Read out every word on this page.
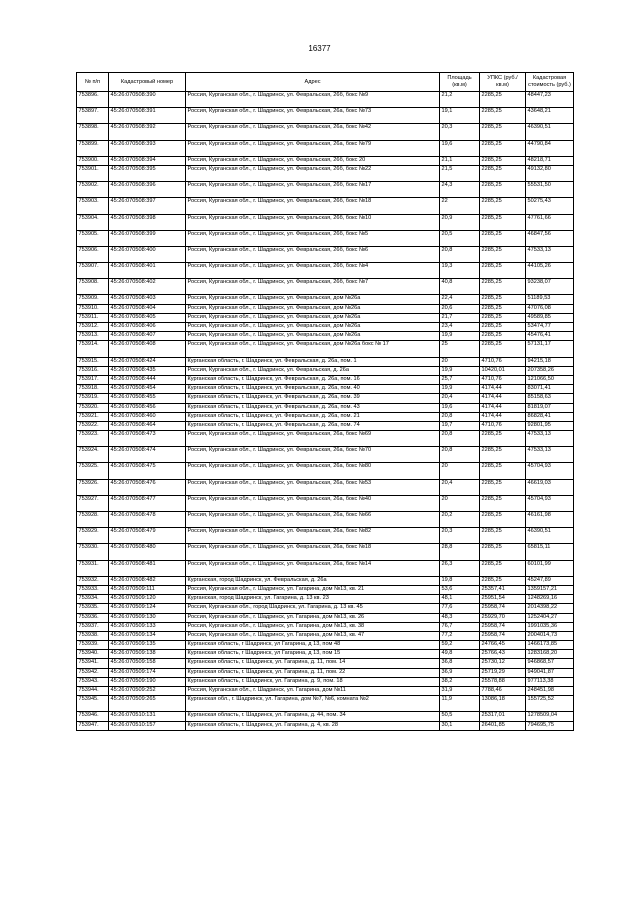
16377
№ п/п	Кадастровый номер	Адрес	Площадь (кв.м)	УПКС (руб./кв.м)	Кадастровая стоимость (руб.)
753896.	45:26:070508:390	Россия, Курганская обл., г. Шадринск, ул. Февральская, 26б, бокс №9	21,2	2285,25	48447,23
753897.	45:26:070508:391	Россия, Курганская обл., г. Шадринск, ул. Февральская, 26а, бокс №73	19,1	2285,25	43648,21
753898.	45:26:070508:392	Россия, Курганская обл., г. Шадринск, ул. Февральская, 26а, бокс №42	20,3	2285,25	46390,51
753899.	45:26:070508:393	Россия, Курганская обл., г. Шадринск, ул. Февральская, 26а, бокс №79	19,6	2285,25	44790,84
753900.	45:26:070508:394	Россия, Курганская обл., г. Шадринск, ул. Февральская, 26б, бокс 20	21,1	2285,25	48218,71
753901.	45:26:070508:395	Россия, Курганская обл., г. Шадринск, ул. Февральская, 26б, бокс №22	21,5	2285,25	49132,80
753902.	45:26:070508:396	Россия, Курганская обл., г. Шадринск, ул. Февральская, 26б, бокс №17	24,3	2285,25	55531,50
753903.	45:26:070508:397	Россия, Курганская обл., г. Шадринск, ул. Февральская, 26б, бокс №18	22	2285,25	50275,43
753904.	45:26:070508:398	Россия, Курганская обл., г. Шадринск, ул. Февральская, 26б, бокс №10	20,9	2285,25	47761,66
753905.	45:26:070508:399	Россия, Курганская обл., г. Шадринск, ул. Февральская, 26б, бокс №5	20,5	2285,25	46847,56
753906.	45:26:070508:400	Россия, Курганская обл., г. Шадринск, ул. Февральская, 26б, бокс №6	20,8	2285,25	47533,13
753907.	45:26:070508:401	Россия, Курганская обл., г. Шадринск, ул. Февральская, 26б, бокс №4	19,3	2285,25	44105,26
753908.	45:26:070508:402	Россия, Курганская обл., г. Шадринск, ул. Февральская, 26б, бокс №7	40,8	2285,25	93238,07
753909.	45:26:070508:403	Россия, Курганская обл., г. Шадринск, ул. Февральская, дом №26а	22,4	2285,25	51189,53
753910.	45:26:070508:404	Россия, Курганская обл., г. Шадринск, ул. Февральская, дом №26а	20,6	2285,25	47076,08
753911.	45:26:070508:405	Россия, Курганская обл., г. Шадринск, ул. Февральская, дом №26а	21,7	2285,25	49589,85
753912.	45:26:070508:406	Россия, Курганская обл., г. Шадринск, ул. Февральская, дом №26а	23,4	2285,25	53474,77
753913.	45:26:070508:407	Россия, Курганская обл., г. Шадринск, ул. Февральская, дом №26а	19,9	2285,25	45476,41
753914.	45:26:070508:408	Россия, Курганская обл., г. Шадринск, ул. Февральская, дом №26а бокс № 17	25	2285,25	57131,17
753915.	45:26:070508:424	Курганская область, г. Шадринск, ул. Февральская, д. 26а, пом. 1	20	4710,76	94215,18
753916.	45:26:070508:435	Россия, Курганская обл., г. Шадринск, ул. Февральская, д. 26а	19,9	10420,01	207358,26
753917.	45:26:070508:444	Курганская область, г. Шадринск, ул. Февральская, д. 26а, пом. 16	25,7	4710,76	121066,50
753918.	45:26:070508:454	Курганская область, г. Шадринск, ул. Февральская, д. 26а, пом. 40	19,9	4174,44	83071,41
753919.	45:26:070508:455	Курганская область, г. Шадринск, ул. Февральская, д. 26а, пом. 39	20,4	4174,44	85158,63
753920.	45:26:070508:456	Курганская область, г. Шадринск, ул. Февральская, д. 26а, пом. 43	19,6	4174,44	81819,07
753921.	45:26:070508:460	Курганская область, г. Шадринск, ул. Февральская, д. 26а, пом. 21	20,8	4174,44	86828,41
753922.	45:26:070508:464	Курганская область, г. Шадринск, ул. Февральская, д. 26а, пом. 74	19,7	4710,76	92801,95
753923.	45:26:070508:473	Россия, Курганская обл., г. Шадринск, ул. Февральская, 26а, бокс №69	20,8	2285,25	47533,13
753924.	45:26:070508:474	Россия, Курганская обл., г. Шадринск, ул. Февральская, 26а, бокс №70	20,8	2285,25	47533,13
753925.	45:26:070508:475	Россия, Курганская обл., г. Шадринск, ул. Февральская, 26а, бокс №80	20	2285,25	45704,93
753926.	45:26:070508:476	Россия, Курганская обл., г. Шадринск, ул. Февральская, 26а, бокс №53	20,4	2285,25	46619,03
753927.	45:26:070508:477	Россия, Курганская обл., г. Шадринск, ул. Февральская, 26а, бокс №40	20	2285,25	45704,93
753928.	45:26:070508:478	Россия, Курганская обл., г. Шадринск, ул. Февральская, 26а, бокс №66	20,2	2285,25	46161,98
753929.	45:26:070508:479	Россия, Курганская обл., г. Шадринск, ул. Февральская, 26а, бокс №82	20,3	2285,25	46390,51
753930.	45:26:070508:480	Россия, Курганская обл., г. Шадринск, ул. Февральская, 26а, бокс №18	28,8	2285,25	65815,11
753931.	45:26:070508:481	Россия, Курганская обл., г. Шадринск, ул. Февральская, 26а, бокс №14	26,3	2285,25	60101,99
753932.	45:26:070508:482	Курганская, город Шадринск, ул. Февральская, д. 26а	19,8	2285,25	45247,89
753933.	45:26:070509:111	Россия, Курганская обл., г. Шадринск, ул. Гагарина, дом №13, кв. 21	53,6	25357,41	1359157,21
753934.	45:26:070509:120	Курганская, город Шадринск, ул. Гагарина, д. 13 кв. 23	48,1	25951,54	1248269,16
753935.	45:26:070509:124	Россия, Курганская обл., город Шадринск, ул. Гагарина, д. 13 кв. 45	77,6	25958,74	2014398,22
753936.	45:26:070509:130	Россия, Курганская обл., г. Шадринск, ул. Гагарина, дом №13, кв. 26	48,3	25929,70	1252404,27
753937.	45:26:070509:133	Россия, Курганская обл., г. Шадринск, ул. Гагарина, дом №13, кв. 38	76,7	25958,74	1991035,36
753938.	45:26:070509:134	Россия, Курганская обл., г. Шадринск, ул. Гагарина, дом №13, кв. 47	77,2	25958,74	2004014,73
753939.	45:26:070509:135	Курганская область, г Шадринск, ул Гагарина, д 13, пом 48	59,2	24766,45	1466173,85
753940.	45:26:070509:138	Курганская область, г Шадринск, ул Гагарина, д 13, пом 15	49,8	25766,43	1283168,20
753941.	45:26:070509:158	Курганская область, г. Шадринск, ул. Гагарина, д. 11, пом. 14	36,8	25730,12	946868,57
753942.	45:26:070509:174	Курганская область, г. Шадринск, ул. Гагарина, д. 11, пом. 22	36,9	25719,29	949041,87
753943.	45:26:070509:190	Курганская область, г. Шадринск, ул. Гагарина, д. 9, пом. 18	38,2	25578,88	977113,38
753944.	45:26:070509:252	Россия, Курганская обл., г. Шадринск, ул. Гагарина, дом №11	31,9	7788,46	248451,98
753945.	45:26:070509:265	Курганская обл., г. Шадринск, ул. Гагарина, дом №7, №6, комната №2	11,9	13086,18	155725,52
753946.	45:26:070510:131	Курганская область, г. Шадринск, ул. Гагарина, д. 44, пом. 34	50,5	25317,01	1278509,04
753947.	45:26:070510:157	Курганская область, г. Шадринск, ул. Гагарина, д. 4, кв. 28	30,1	26401,85	794695,75
